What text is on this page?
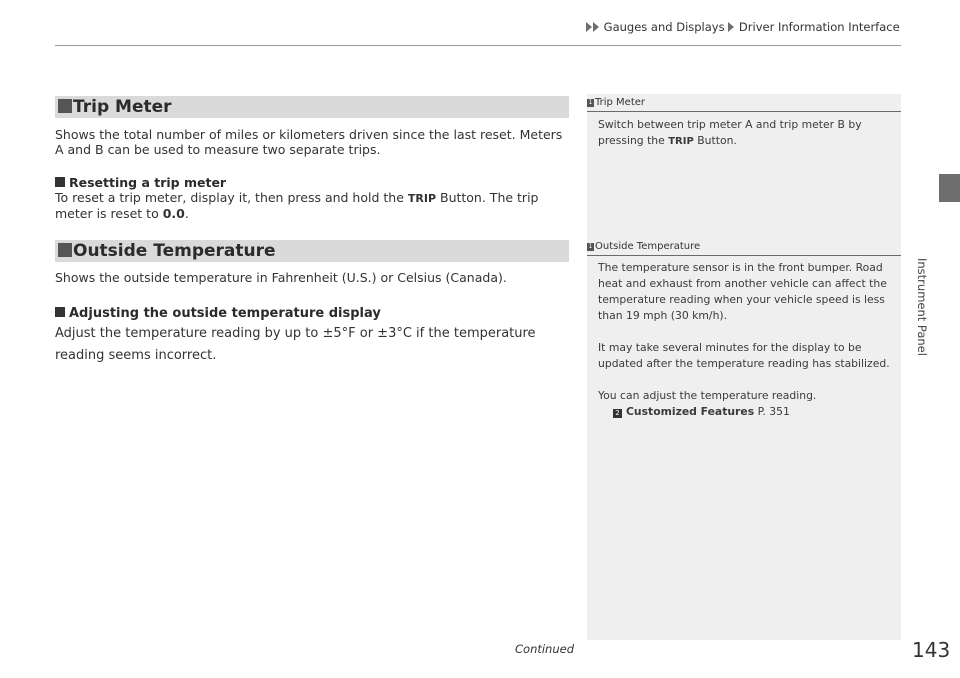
Gauges and Displays Driver Information Interface
Instrument Panel
Trip Meter
Shows the total number of miles or kilometers driven since the last reset. Meters A and B can be used to measure two separate trips.
Resetting a trip meter
To reset a trip meter, display it, then press and hold the TRIP Button. The trip meter is reset to 0.0.
Outside Temperature
Shows the outside temperature in Fahrenheit (U.S.) or Celsius (Canada).
Adjusting the outside temperature display
Adjust the temperature reading by up to ±5°F or ±3°C if the temperature reading seems incorrect.
1 Trip Meter
Switch between trip meter A and trip meter B by pressing the TRIP Button.
1 Outside Temperature
The temperature sensor is in the front bumper. Road heat and exhaust from another vehicle can affect the temperature reading when your vehicle speed is less than 19 mph (30 km/h).
It may take several minutes for the display to be updated after the temperature reading has stabilized.
You can adjust the temperature reading.
2 Customized Features P. 351
Continued	143
